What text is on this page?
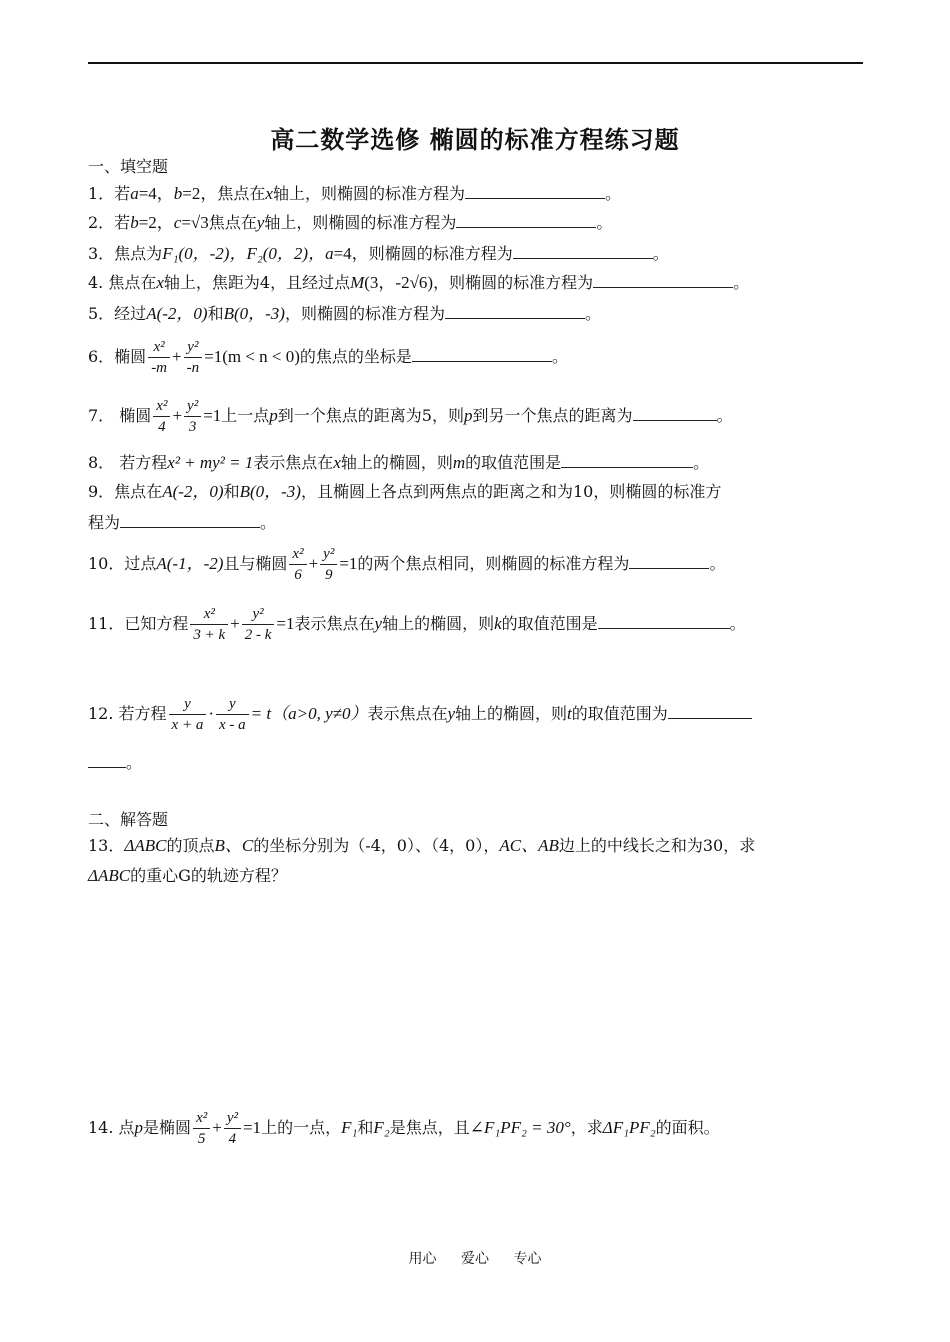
高二数学选修 椭圆的标准方程练习题
一、填空题
1．若a=4，b=2，焦点在x轴上，则椭圆的标准方程为	。
2．若b=2，c=√3焦点在y轴上，则椭圆的标准方程为	。
3．焦点为F₁(0，-2)，F₂(0，2)，a=4，则椭圆的标准方程为	。
4. 焦点在x轴上，焦距为4，且经过点M(3，-2√6)，则椭圆的标准方程为	。
5．经过A(-2，0)和B(0，-3)，则椭圆的标准方程为	。
6．椭圆 $\frac{\text{x²}}{-m} + \frac{\text{y²}}{-n} =1(m < n < 0)$的焦点的坐标是	。
7． 椭圆 $\frac{\text{x²}}{4} + \frac{\text{y²}}{3} =1$上一点p到一个焦点的距离为5，则p到另一个焦点的距离为	。
8． 若方程x² + my² = 1表示焦点在x轴上的椭圆，则m的取值范围是	。
9．焦点在A(-2，0)和B(0，-3)，且椭圆上各点到两焦点的距离之和为10，则椭圆的标准方
程为	。
10．过点A(-1，-2)且与椭圆 $\frac{\text{x²}}{6} + \frac{\text{y²}}{9} =1$的两个焦点相同，则椭圆的标准方程为	。
11．已知方程 $\frac{\text{x²}}{3 + k} + \frac{\text{y²}}{2 - k} =1$表示焦点在y轴上的椭圆，则k的取值范围是	。
12. 若方程 $\frac{y}{x + a} \cdot \frac{y}{x - a} = t(a>0$, y≠0）表示焦点在y轴上的椭圆，则t的取值范围为
。
二、解答题
13．ΔABC的顶点B、C的坐标分别为（-4，0）、（4，0），AC、AB边上的中线长之和为30，求
ΔABC的重心G的轨迹方程？
14. 点p是椭圆 $\frac{\text{x²}}{5} + \frac{\text{y²}}{4} =1$上的一点，F₁和F₂是焦点，且∠F₁PF₂ = 30°，求ΔF₁PF₂的面积。
用心 爱心 专心
